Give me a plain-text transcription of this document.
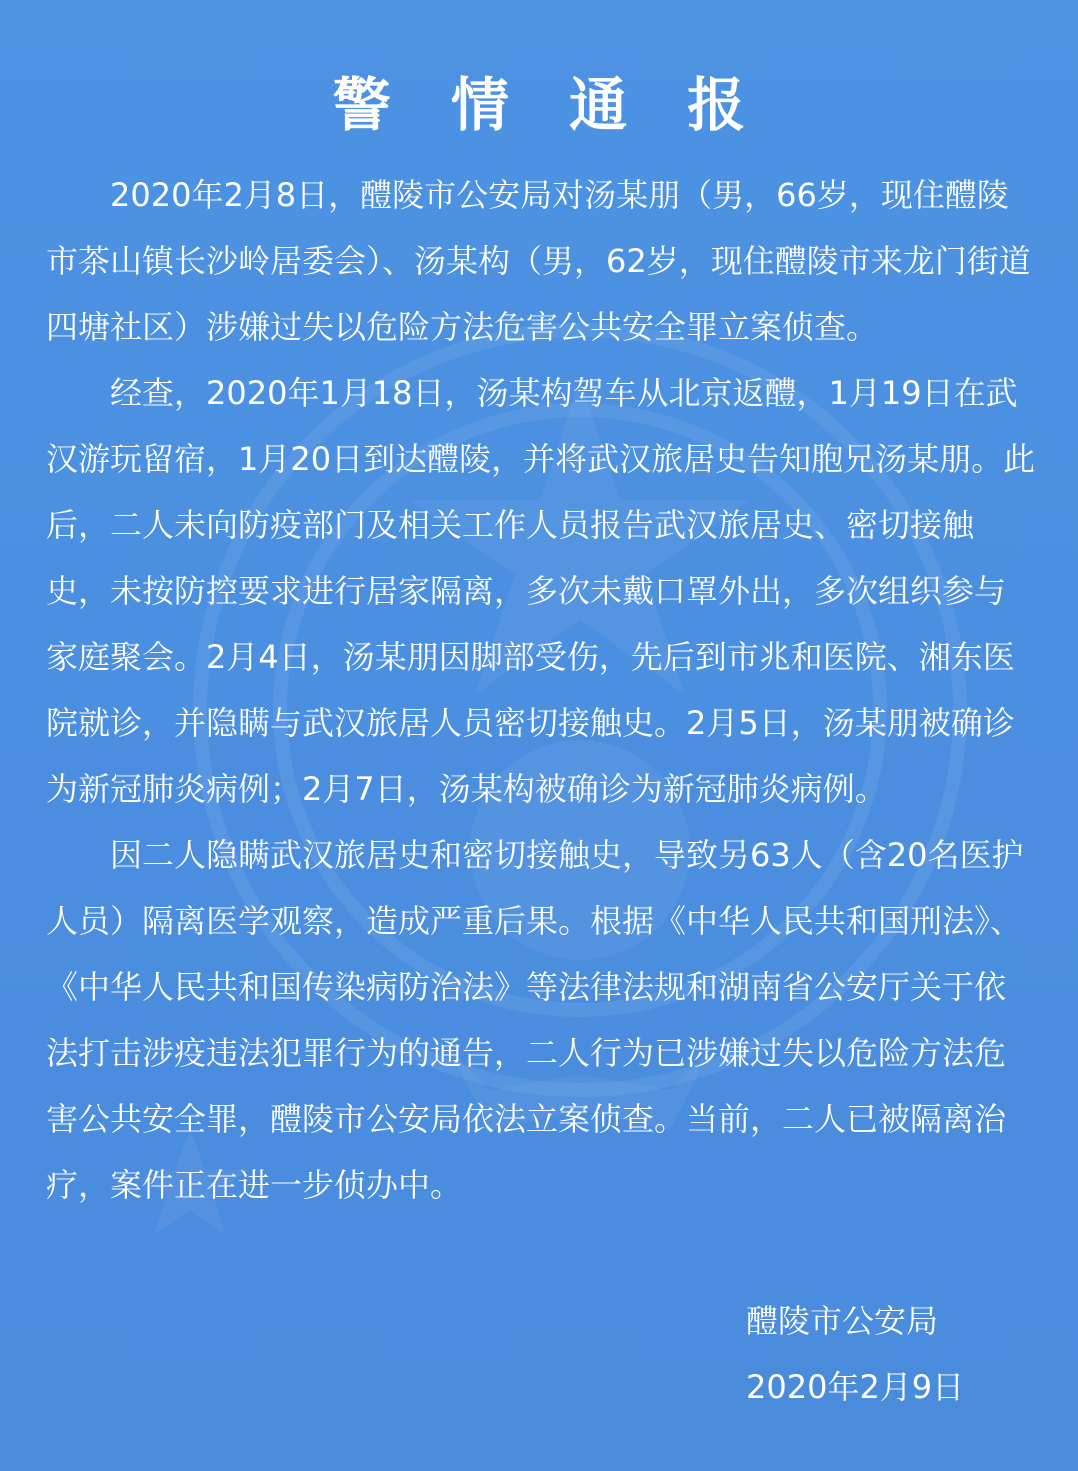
警 情 通 报

2020年2月8日，醴陵市公安局对汤某朋（男，66岁，现住醴陵市茶山镇长沙岭居委会）、汤某构（男，62岁，现住醴陵市来龙门街道四塘社区）涉嫌过失以危险方法危害公共安全罪立案侦查。

经查，2020年1月18日，汤某构驾车从北京返醴，1月19日在武汉游玩留宿，1月20日到达醴陵，并将武汉旅居史告知胞兄汤某朋。此后，二人未向防疫部门及相关工作人员报告武汉旅居史、密切接触史，未按防控要求进行居家隔离，多次未戴口罩外出，多次组织参与家庭聚会。2月4日，汤某朋因脚部受伤，先后到市兆和医院、湘东医院就诊，并隐瞒与武汉旅居人员密切接触史。2月5日，汤某朋被确诊为新冠肺炎病例；2月7日，汤某构被确诊为新冠肺炎病例。

因二人隐瞒武汉旅居史和密切接触史，导致另63人（含20名医护人员）隔离医学观察，造成严重后果。根据《中华人民共和国刑法》、《中华人民共和国传染病防治法》等法律法规和湖南省公安厅关于依法打击涉疫违法犯罪行为的通告，二人行为已涉嫌过失以危险方法危害公共安全罪，醴陵市公安局依法立案侦查。当前，二人已被隔离治疗，案件正在进一步侦办中。

醴陵市公安局
2020年2月9日
